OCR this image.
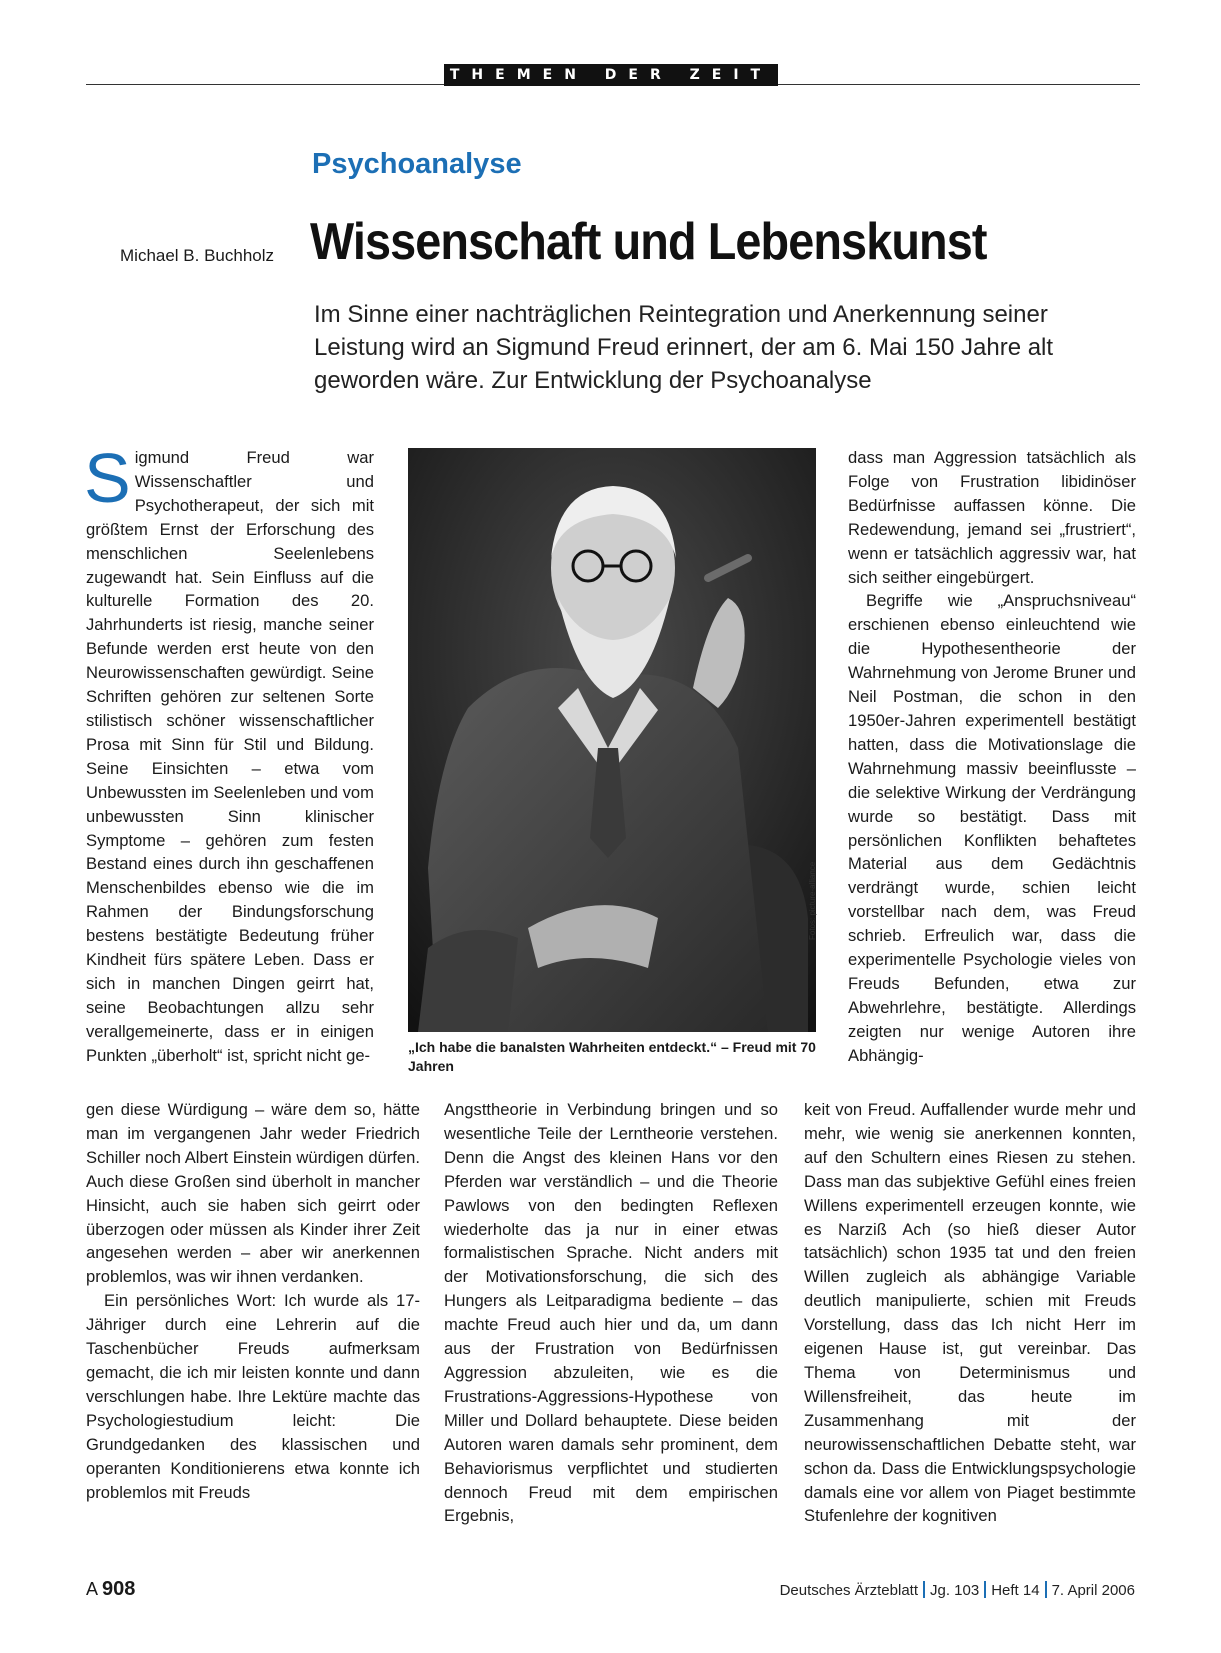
THEMEN DER ZEIT
Psychoanalyse
Michael B. Buchholz Wissenschaft und Lebenskunst
Im Sinne einer nachträglichen Reintegration und Anerkennung seiner Leistung wird an Sigmund Freud erinnert, der am 6. Mai 150 Jahre alt geworden wäre. Zur Entwicklung der Psychoanalyse

Sigmund Freud war Wissenschaftler und Psychotherapeut, der sich mit größtem Ernst der Erforschung des menschlichen Seelenlebens zugewandt hat. Sein Einfluss auf die kulturelle Formation des 20. Jahrhunderts ist riesig, manche seiner Befunde werden erst heute von den Neurowissenschaften gewürdigt. Seine Schriften gehören zur seltenen Sorte stilistisch schöner wissenschaftlicher Prosa mit Sinn für Stil und Bildung. Seine Einsichten – etwa vom Unbewussten im Seelenleben und vom unbewussten Sinn klinischer Symptome – gehören zum festen Bestand eines durch ihn geschaffenen Menschenbildes ebenso wie die im Rahmen der Bindungsforschung bestens bestätigte Bedeutung früher Kindheit fürs spätere Leben. Dass er sich in manchen Dingen geirrt hat, seine Beobachtungen allzu sehr verallgemeinerte, dass er in einigen Punkten „überholt“ ist, spricht nicht ge-

Fotos: picture-alliance
„Ich habe die banalsten Wahrheiten entdeckt.“ – Freud mit 70 Jahren

dass man Aggression tatsächlich als Folge von Frustration libidinöser Bedürfnisse auffassen könne. Die Redewendung, jemand sei „frustriert“, wenn er tatsächlich aggressiv war, hat sich seither eingebürgert.

Begriffe wie „Anspruchsniveau“ erschienen ebenso einleuchtend wie die Hypothesentheorie der Wahrnehmung von Jerome Bruner und Neil Postman, die schon in den 1950er-Jahren experimentell bestätigt hatten, dass die Motivationslage die Wahrnehmung massiv beeinflusste – die selektive Wirkung der Verdrängung wurde so bestätigt. Dass mit persönlichen Konflikten behaftetes Material aus dem Gedächtnis verdrängt wurde, schien leicht vorstellbar nach dem, was Freud schrieb. Erfreulich war, dass die experimentelle Psychologie vieles von Freuds Befunden, etwa zur Abwehrlehre, bestätigte. Allerdings zeigten nur wenige Autoren ihre Abhängig-

gen diese Würdigung – wäre dem so, hätte man im vergangenen Jahr weder Friedrich Schiller noch Albert Einstein würdigen dürfen. Auch diese Großen sind überholt in mancher Hinsicht, auch sie haben sich geirrt oder überzogen oder müssen als Kinder ihrer Zeit angesehen werden – aber wir anerkennen problemlos, was wir ihnen verdanken.

Ein persönliches Wort: Ich wurde als 17-Jähriger durch eine Lehrerin auf die Taschenbücher Freuds aufmerksam gemacht, die ich mir leisten konnte und dann verschlungen habe. Ihre Lektüre machte das Psychologiestudium leicht: Die Grundgedanken des klassischen und operanten Konditionierens etwa konnte ich problemlos mit Freuds

Angsttheorie in Verbindung bringen und so wesentliche Teile der Lerntheorie verstehen. Denn die Angst des kleinen Hans vor den Pferden war verständlich – und die Theorie Pawlows von den bedingten Reflexen wiederholte das ja nur in einer etwas formalistischen Sprache. Nicht anders mit der Motivationsforschung, die sich des Hungers als Leitparadigma bediente – das machte Freud auch hier und da, um dann aus der Frustration von Bedürfnissen Aggression abzuleiten, wie es die Frustrations-Aggressions-Hypothese von Miller und Dollard behauptete. Diese beiden Autoren waren damals sehr prominent, dem Behaviorismus verpflichtet und studierten dennoch Freud mit dem empirischen Ergebnis,

keit von Freud. Auffallender wurde mehr und mehr, wie wenig sie anerkennen konnten, auf den Schultern eines Riesen zu stehen. Dass man das subjektive Gefühl eines freien Willens experimentell erzeugen konnte, wie es Narziß Ach (so hieß dieser Autor tatsächlich) schon 1935 tat und den freien Willen zugleich als abhängige Variable deutlich manipulierte, schien mit Freuds Vorstellung, dass das Ich nicht Herr im eigenen Hause ist, gut vereinbar. Das Thema von Determinismus und Willensfreiheit, das heute im Zusammenhang mit der neurowissenschaftlichen Debatte steht, war schon da. Dass die Entwicklungspsychologie damals eine vor allem von Piaget bestimmte Stufenlehre der kognitiven

A 908	Deutsches Ärzteblatt Jg. 103 Heft 14 7. April 2006
